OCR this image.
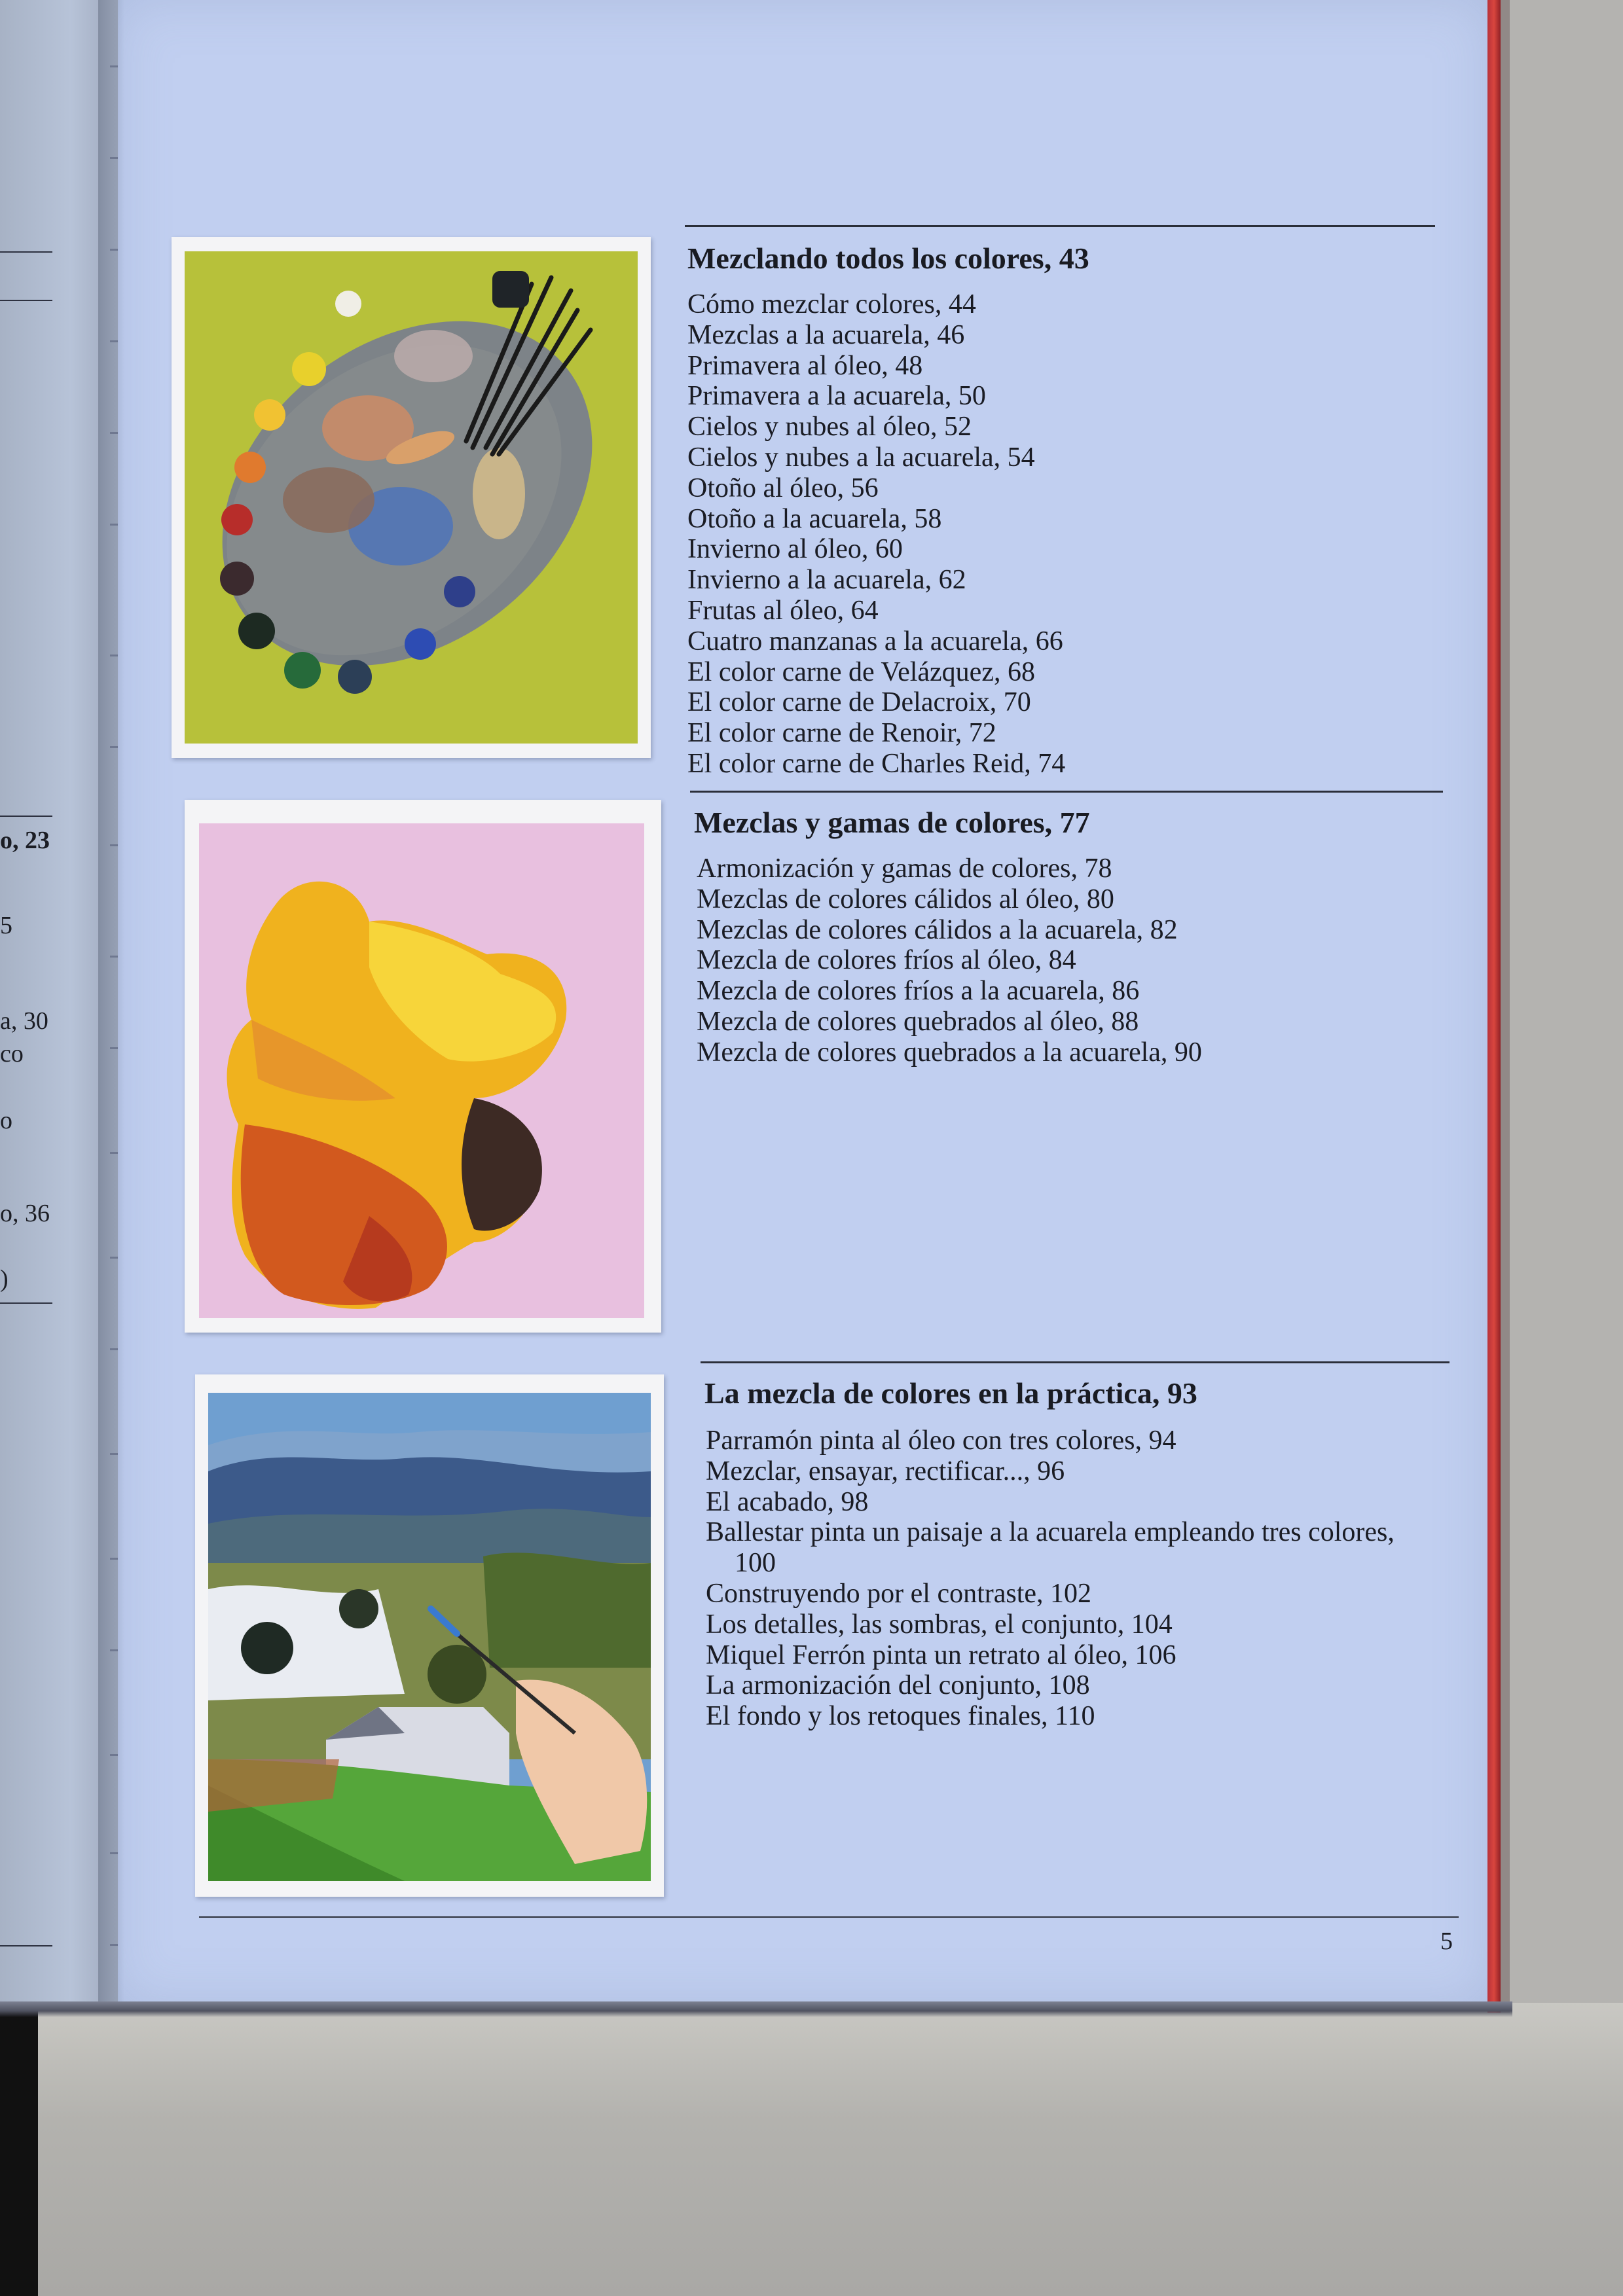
o, 23
5
a, 30
co
o
o, 36
)
Mezclando todos los colores, 43
Cómo mezclar colores, 44
Mezclas a la acuarela, 46
Primavera al óleo, 48
Primavera a la acuarela, 50
Cielos y nubes al óleo, 52
Cielos y nubes a la acuarela, 54
Otoño al óleo, 56
Otoño a la acuarela, 58
Invierno al óleo, 60
Invierno a la acuarela, 62
Frutas al óleo, 64
Cuatro manzanas a la acuarela, 66
El color carne de Velázquez, 68
El color carne de Delacroix, 70
El color carne de Renoir, 72
El color carne de Charles Reid, 74
Mezclas y gamas de colores, 77
Armonización y gamas de colores, 78
Mezclas de colores cálidos al óleo, 80
Mezclas de colores cálidos a la acuarela, 82
Mezcla de colores fríos al óleo, 84
Mezcla de colores fríos a la acuarela, 86
Mezcla de colores quebrados al óleo, 88
Mezcla de colores quebrados a la acuarela, 90
La mezcla de colores en la práctica, 93
Parramón pinta al óleo con tres colores, 94
Mezclar, ensayar, rectificar..., 96
El acabado, 98
Ballestar pinta un paisaje a la acuarela empleando tres colores, 100
Construyendo por el contraste, 102
Los detalles, las sombras, el conjunto, 104
Miquel Ferrón pinta un retrato al óleo, 106
La armonización del conjunto, 108
El fondo y los retoques finales, 110
5
